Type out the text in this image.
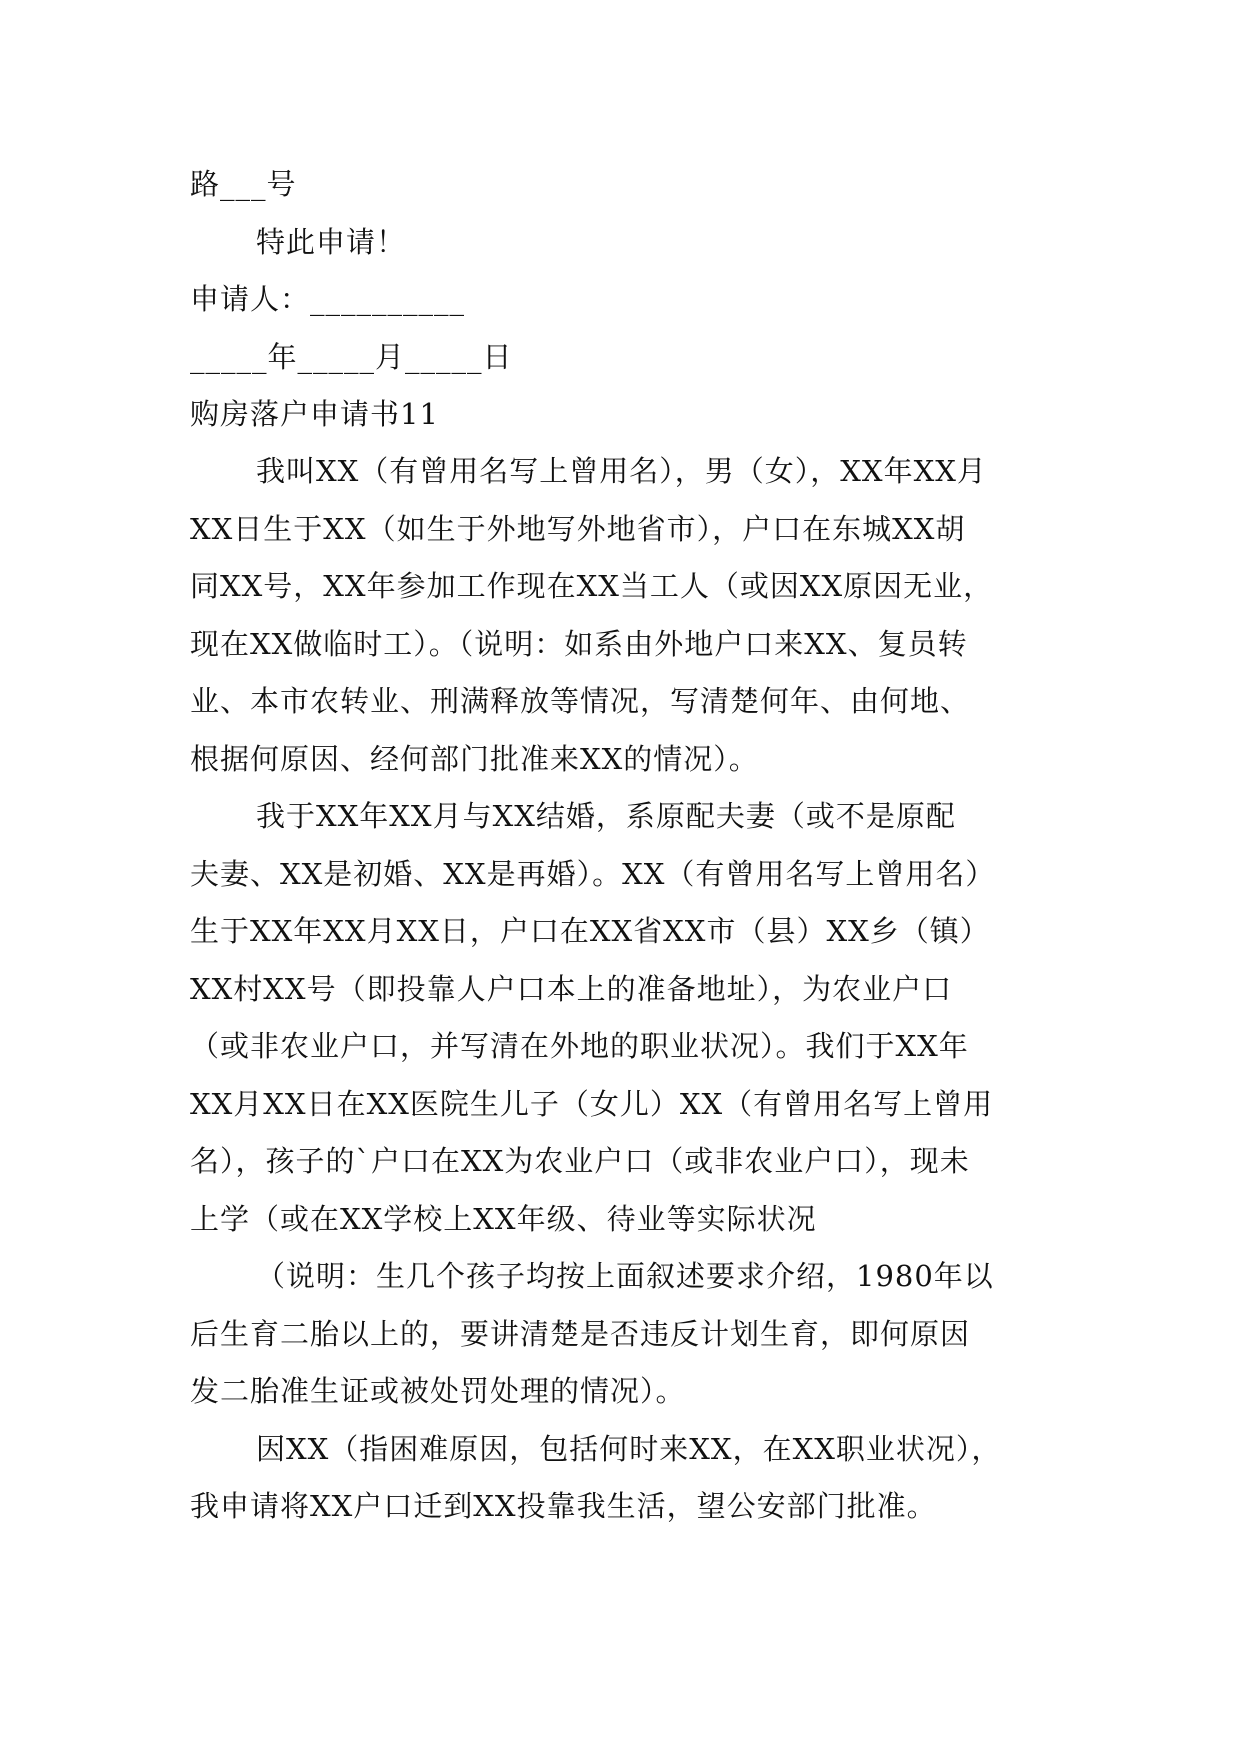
路___号
特此申请！
申请人：__________
_____年_____月_____日
购房落户申请书11
我叫XX（有曾用名写上曾用名），男（女），XX年XX月
XX日生于XX（如生于外地写外地省市），户口在东城XX胡
同XX号，XX年参加工作现在XX当工人（或因XX原因无业，
现在XX做临时工）。（说明：如系由外地户口来XX、复员转
业、本市农转业、刑满释放等情况，写清楚何年、由何地、
根据何原因、经何部门批准来XX的情况）。
我于XX年XX月与XX结婚，系原配夫妻（或不是原配
夫妻、XX是初婚、XX是再婚）。XX（有曾用名写上曾用名）
生于XX年XX月XX日，户口在XX省XX市（县）XX乡（镇）
XX村XX号（即投靠人户口本上的准备地址），为农业户口
（或非农业户口，并写清在外地的职业状况）。我们于XX年
XX月XX日在XX医院生儿子（女儿）XX（有曾用名写上曾用
名），孩子的`户口在XX为农业户口（或非农业户口），现未
上学（或在XX学校上XX年级、待业等实际状况
（说明：生几个孩子均按上面叙述要求介绍，1980年以
后生育二胎以上的，要讲清楚是否违反计划生育，即何原因
发二胎准生证或被处罚处理的情况）。
因XX（指困难原因，包括何时来XX，在XX职业状况），
我申请将XX户口迁到XX投靠我生活，望公安部门批准。
